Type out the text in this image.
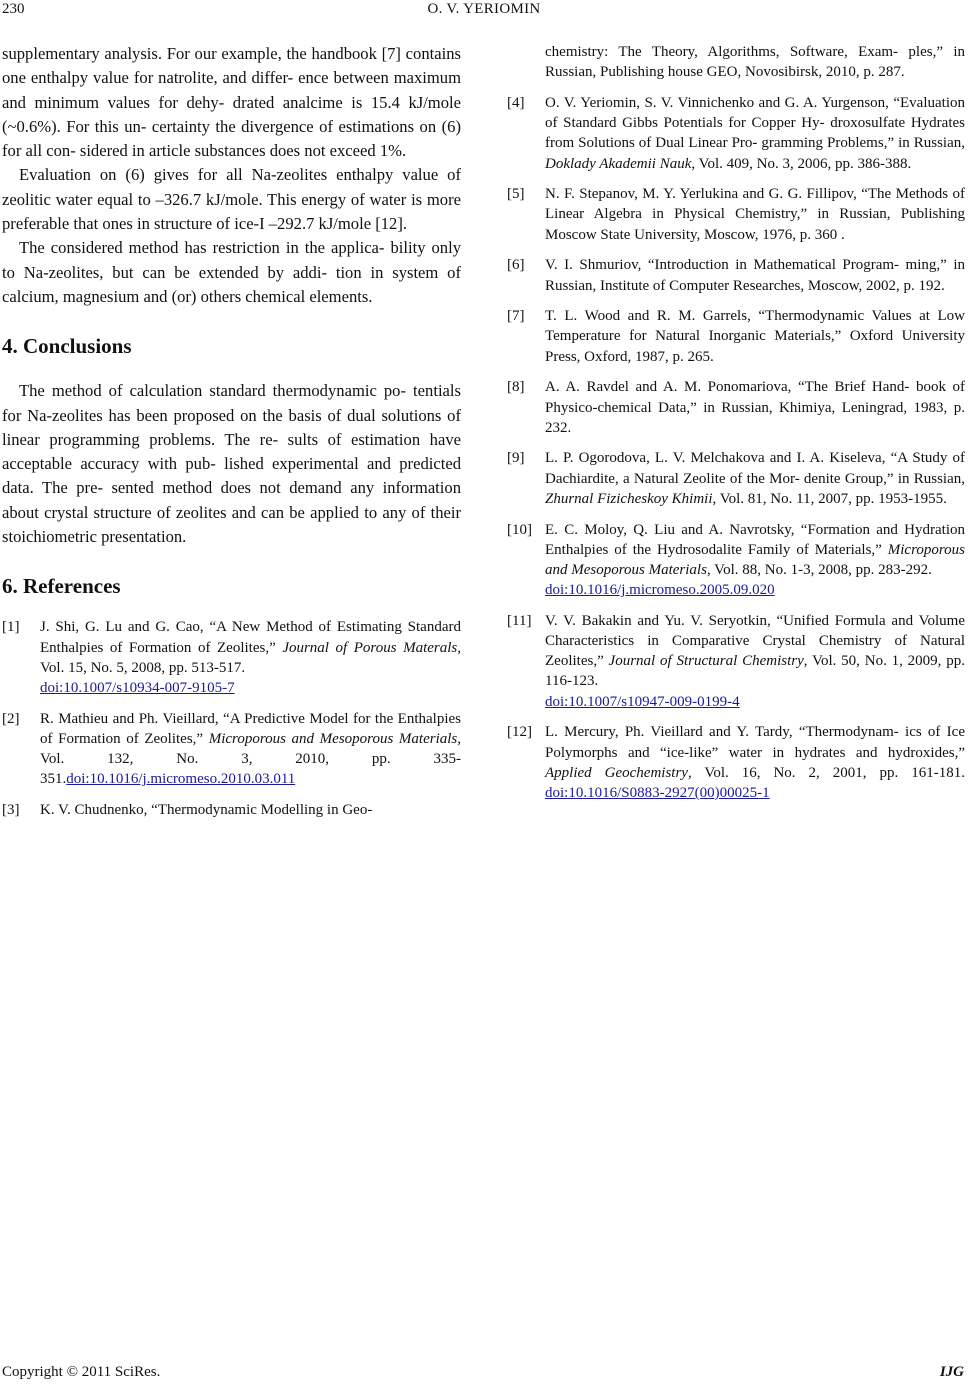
230	O. V. YERIOMIN

supplementary analysis. For our example, the handbook [7] contains one enthalpy value for natrolite, and differ- ence between maximum and minimum values for dehy- drated analcime is 15.4 kJ/mole (~0.6%). For this un- certainty the divergence of estimations on (6) for all con- sidered in article substances does not exceed 1%.

Evaluation on (6) gives for all Na-zeolites enthalpy value of zeolitic water equal to –326.7 kJ/mole. This energy of water is more preferable that ones in structure of ice-I –292.7 kJ/mole [12].

The considered method has restriction in the applica- bility only to Na-zeolites, but can be extended by addi- tion in system of calcium, magnesium and (or) others chemical elements.

4. Conclusions

The method of calculation standard thermodynamic po- tentials for Na-zeolites has been proposed on the basis of dual solutions of linear programming problems. The re- sults of estimation have acceptable accuracy with pub- lished experimental and predicted data. The pre- sented method does not demand any information about crystal structure of zeolites and can be applied to any of their stoichiometric presentation.

6. References
[1]	J. Shi, G. Lu and G. Cao, “A New Method of Estimating Standard Enthalpies of Formation of Zeolites,” Journal of Porous Materals, Vol. 15, No. 5, 2008, pp. 513-517.
doi:10.1007/s10934-007-9105-7
[2]	R. Mathieu and Ph. Vieillard, “A Predictive Model for the Enthalpies of Formation of Zeolites,” Microporous and Mesoporous Materials, Vol. 132, No. 3, 2010, pp. 335-351.doi:10.1016/j.micromeso.2010.03.011
[3]	K. V. Chudnenko, “Thermodynamic Modelling in Geo-

chemistry: The Theory, Algorithms, Software, Exam- ples,” in Russian, Publishing house GEO, Novosibirsk, 2010, p. 287.

[4]	O. V. Yeriomin, S. V. Vinnichenko and G. A. Yurgenson, “Evaluation of Standard Gibbs Potentials for Copper Hy- droxosulfate Hydrates from Solutions of Dual Linear Pro- gramming Problems,” in Russian, Doklady Akademii Nauk, Vol. 409, No. 3, 2006, pp. 386-388.
[5]	N. F. Stepanov, M. Y. Yerlukina and G. G. Fillipov, “The Methods of Linear Algebra in Physical Chemistry,” in Russian, Publishing Moscow State University, Moscow, 1976, p. 360 .
[6]	V. I. Shmuriov, “Introduction in Mathematical Program- ming,” in Russian, Institute of Computer Researches, Moscow, 2002, p. 192.
[7]	T. L. Wood and R. M. Garrels, “Thermodynamic Values at Low Temperature for Natural Inorganic Materials,” Oxford University Press, Oxford, 1987, p. 265.
[8]	A. A. Ravdel and A. M. Ponomariova, “The Brief Hand- book of Physico-chemical Data,” in Russian, Khimiya, Leningrad, 1983, p. 232.
[9]	L. P. Ogorodova, L. V. Melchakova and I. A. Kiseleva, “A Study of Dachiardite, a Natural Zeolite of the Mor- denite Group,” in Russian, Zhurnal Fizicheskoy Khimii, Vol. 81, No. 11, 2007, pp. 1953-1955.
[10] E. C. Moloy, Q. Liu and A. Navrotsky, “Formation and Hydration Enthalpies of the Hydrosodalite Family of Materials,” Microporous and Mesoporous Materials, Vol. 88, No. 1-3, 2008, pp. 283-292.
doi:10.1016/j.micromeso.2005.09.020
[11] V. V. Bakakin and Yu. V. Seryotkin, “Unified Formula and Volume Characteristics in Comparative Crystal Chemistry of Natural Zeolites,” Journal of Structural Chemistry, Vol. 50, No. 1, 2009, pp. 116-123.
doi:10.1007/s10947-009-0199-4
[12] L. Mercury, Ph. Vieillard and Y. Tardy, “Thermodynam- ics of Ice Polymorphs and “ice-like” water in hydrates and hydroxides,” Applied Geochemistry, Vol. 16, No. 2, 2001, pp. 161-181. doi:10.1016/S0883-2927(00)00025-1
Copyright © 2011 SciRes.	IJG
